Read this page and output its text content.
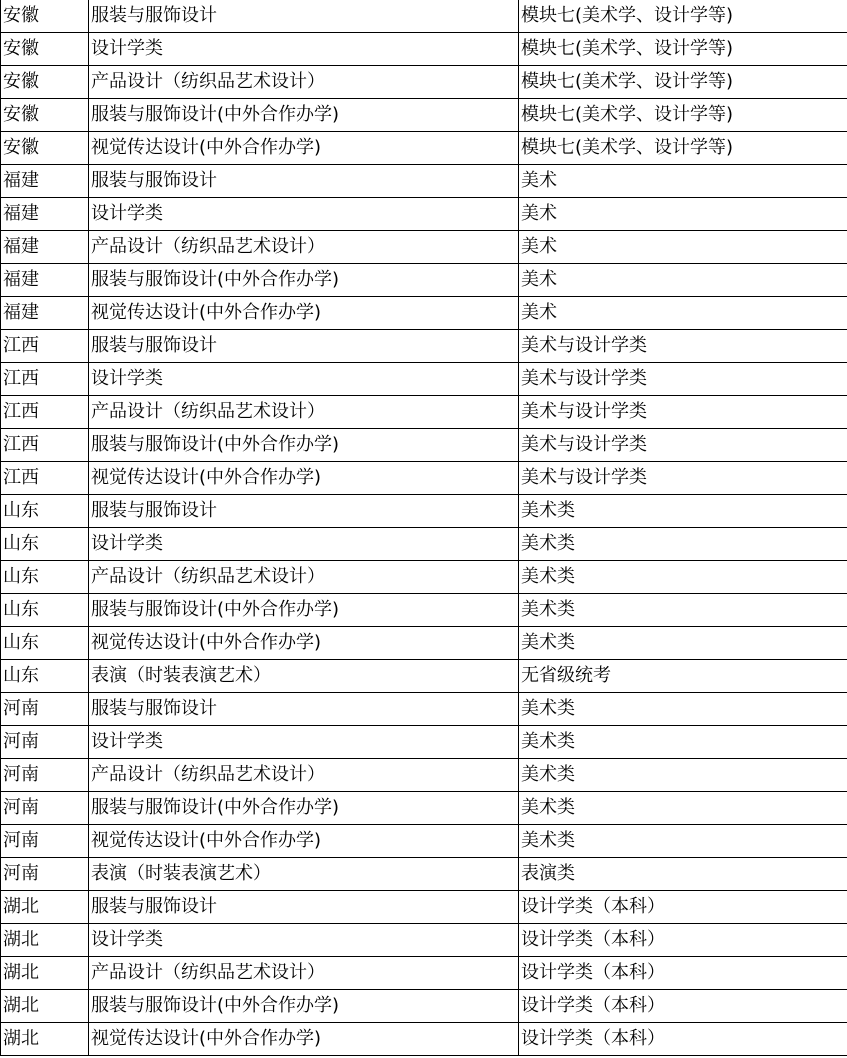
安徽	服装与服饰设计	模块七(美术学、设计学等)
安徽	设计学类	模块七(美术学、设计学等)
安徽	产品设计（纺织品艺术设计）	模块七(美术学、设计学等)
安徽	服装与服饰设计(中外合作办学)	模块七(美术学、设计学等)
安徽	视觉传达设计(中外合作办学)	模块七(美术学、设计学等)
福建	服装与服饰设计	美术
福建	设计学类	美术
福建	产品设计（纺织品艺术设计）	美术
福建	服装与服饰设计(中外合作办学)	美术
福建	视觉传达设计(中外合作办学)	美术
江西	服装与服饰设计	美术与设计学类
江西	设计学类	美术与设计学类
江西	产品设计（纺织品艺术设计）	美术与设计学类
江西	服装与服饰设计(中外合作办学)	美术与设计学类
江西	视觉传达设计(中外合作办学)	美术与设计学类
山东	服装与服饰设计	美术类
山东	设计学类	美术类
山东	产品设计（纺织品艺术设计）	美术类
山东	服装与服饰设计(中外合作办学)	美术类
山东	视觉传达设计(中外合作办学)	美术类
山东	表演（时装表演艺术）	无省级统考
河南	服装与服饰设计	美术类
河南	设计学类	美术类
河南	产品设计（纺织品艺术设计）	美术类
河南	服装与服饰设计(中外合作办学)	美术类
河南	视觉传达设计(中外合作办学)	美术类
河南	表演（时装表演艺术）	表演类
湖北	服装与服饰设计	设计学类（本科）
湖北	设计学类	设计学类（本科）
湖北	产品设计（纺织品艺术设计）	设计学类（本科）
湖北	服装与服饰设计(中外合作办学)	设计学类（本科）
湖北	视觉传达设计(中外合作办学)	设计学类（本科）
